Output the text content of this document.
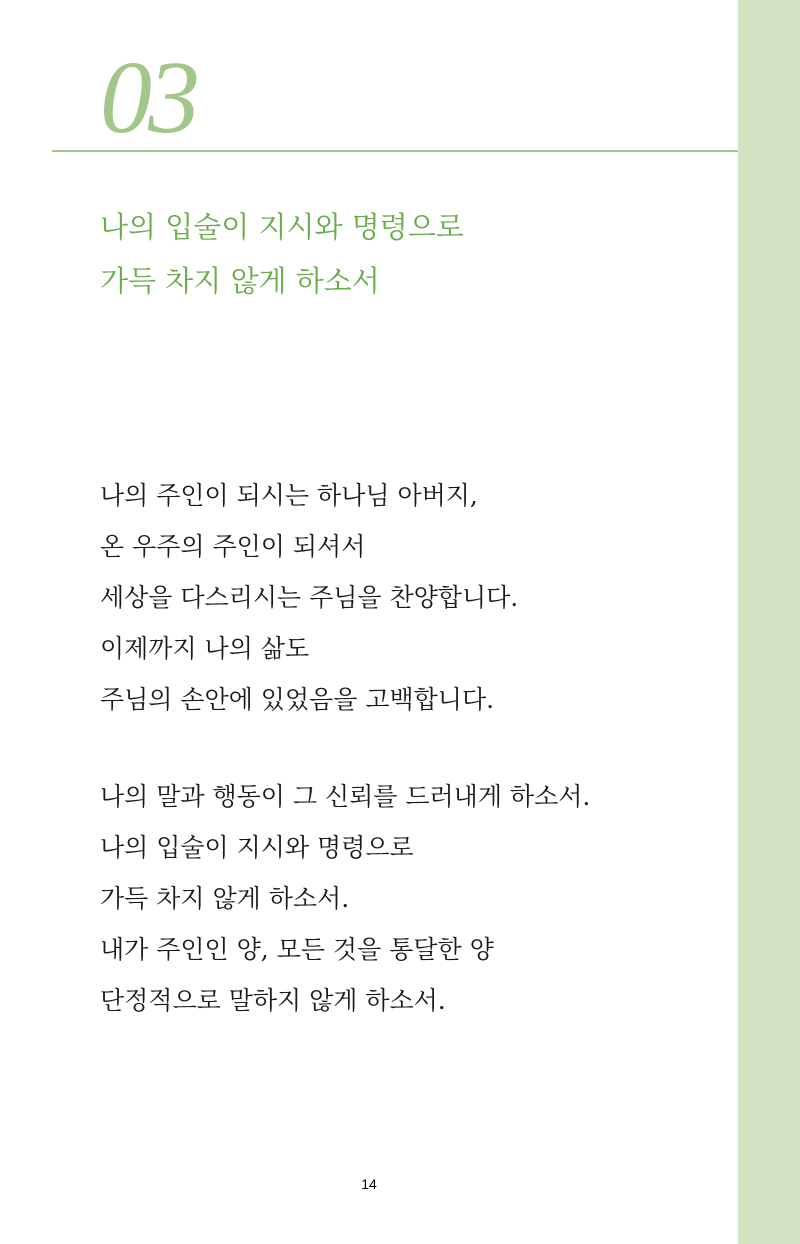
03
나의 입술이 지시와 명령으로
가득 차지 않게 하소서

나의 주인이 되시는 하나님 아버지,
온 우주의 주인이 되셔서
세상을 다스리시는 주님을 찬양합니다.
이제까지 나의 삶도
주님의 손안에 있었음을 고백합니다.

나의 말과 행동이 그 신뢰를 드러내게 하소서.
나의 입술이 지시와 명령으로
가득 차지 않게 하소서.
내가 주인인 양, 모든 것을 통달한 양
단정적으로 말하지 않게 하소서.

14
